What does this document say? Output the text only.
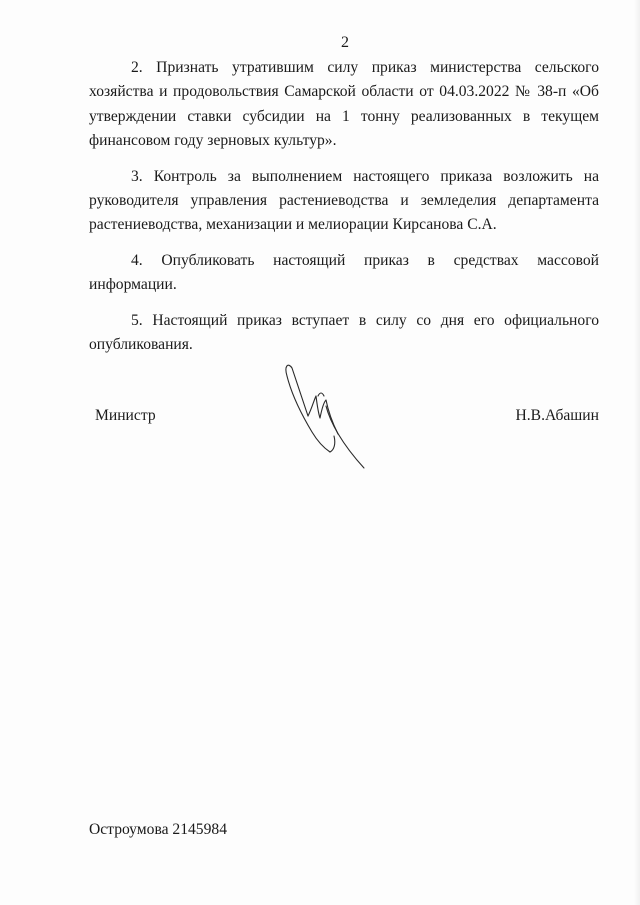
2

2. Признать утратившим силу приказ министерства сельского хозяйства и продовольствия Самарской области от 04.03.2022 № 38-п «Об утверждении ставки субсидии на 1 тонну реализованных в текущем финансовом году зерновых культур».

3. Контроль за выполнением настоящего приказа возложить на руководителя управления растениеводства и земледелия департамента растениеводства, механизации и мелиорации Кирсанова С.А.

4. Опубликовать настоящий приказ в средствах массовой информации.

5. Настоящий приказ вступает в силу со дня его официального опубликования.

Министр	Н.В.Абашин
Остроумова 2145984
